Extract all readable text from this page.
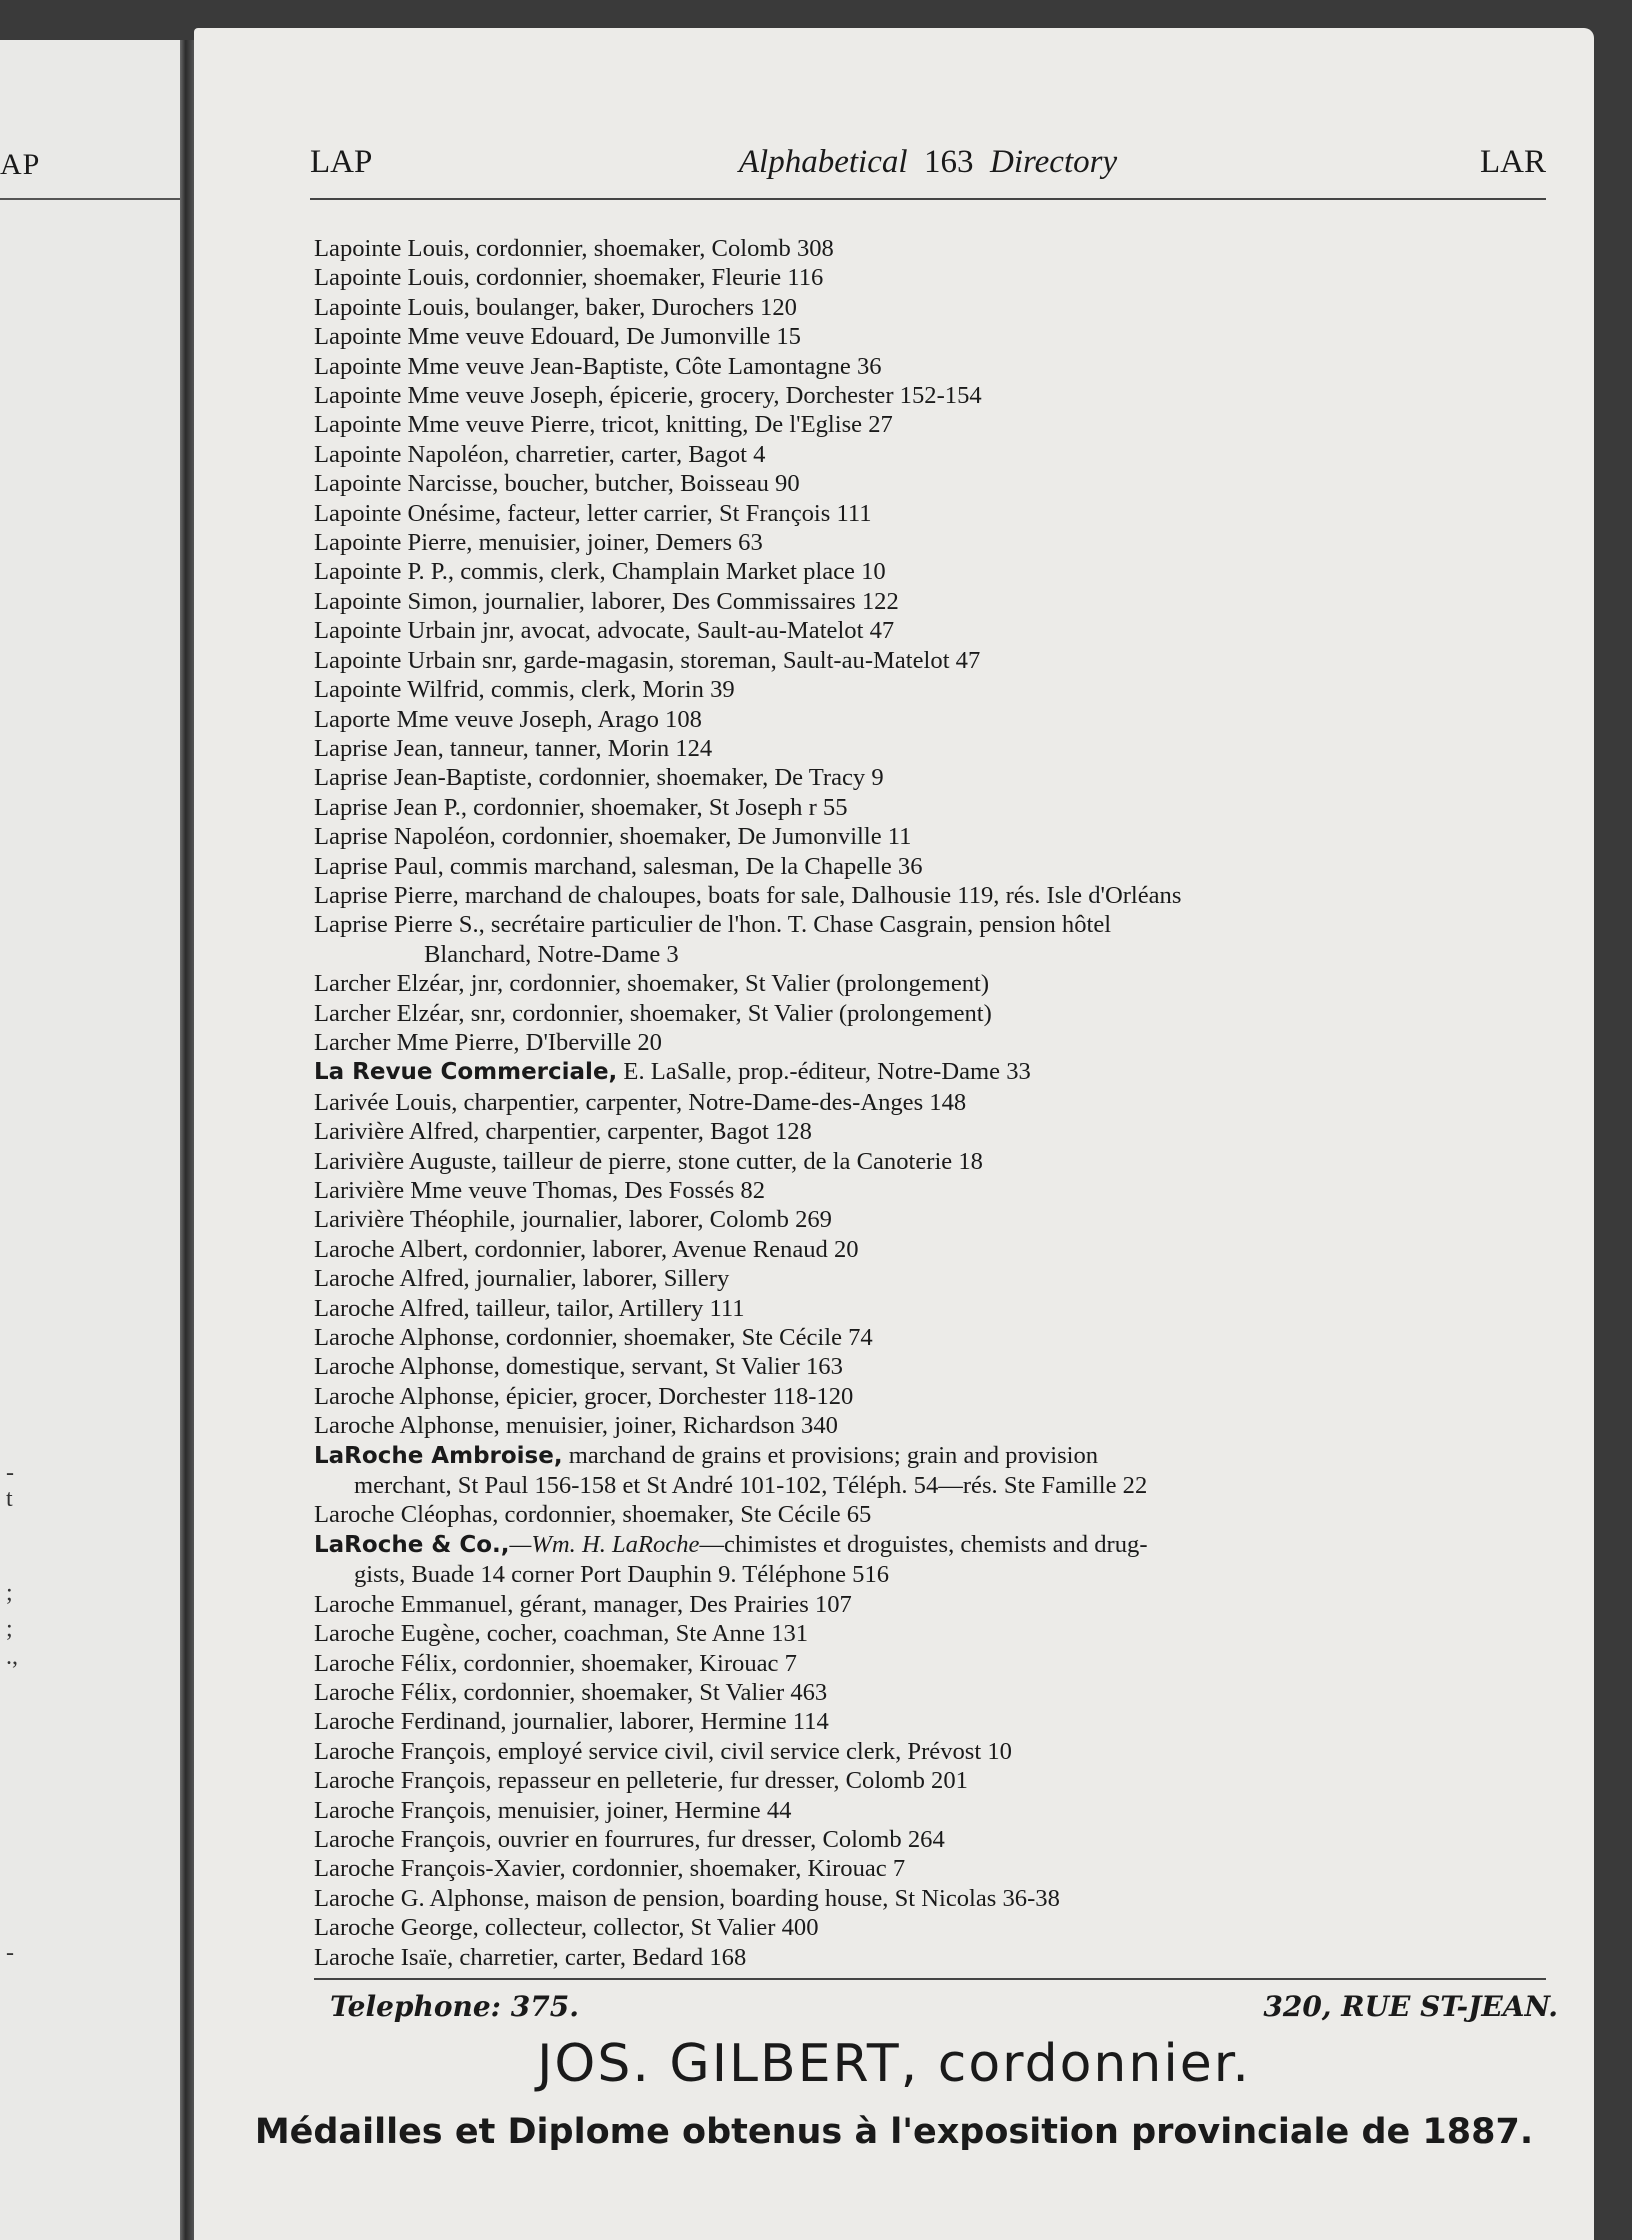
AP
-
t
;
;
.,
-
LAP	Alphabetical 163 Directory	LAR
Lapointe Louis, cordonnier, shoemaker, Colomb 308
Lapointe Louis, cordonnier, shoemaker, Fleurie 116
Lapointe Louis, boulanger, baker, Durochers 120
Lapointe Mme veuve Edouard, De Jumonville 15
Lapointe Mme veuve Jean-Baptiste, Côte Lamontagne 36
Lapointe Mme veuve Joseph, épicerie, grocery, Dorchester 152-154
Lapointe Mme veuve Pierre, tricot, knitting, De l'Eglise 27
Lapointe Napoléon, charretier, carter, Bagot 4
Lapointe Narcisse, boucher, butcher, Boisseau 90
Lapointe Onésime, facteur, letter carrier, St François 111
Lapointe Pierre, menuisier, joiner, Demers 63
Lapointe P. P., commis, clerk, Champlain Market place 10
Lapointe Simon, journalier, laborer, Des Commissaires 122
Lapointe Urbain jnr, avocat, advocate, Sault-au-Matelot 47
Lapointe Urbain snr, garde-magasin, storeman, Sault-au-Matelot 47
Lapointe Wilfrid, commis, clerk, Morin 39
Laporte Mme veuve Joseph, Arago 108
Laprise Jean, tanneur, tanner, Morin 124
Laprise Jean-Baptiste, cordonnier, shoemaker, De Tracy 9
Laprise Jean P., cordonnier, shoemaker, St Joseph r 55
Laprise Napoléon, cordonnier, shoemaker, De Jumonville 11
Laprise Paul, commis marchand, salesman, De la Chapelle 36
Laprise Pierre, marchand de chaloupes, boats for sale, Dalhousie 119, rés. Isle d'Orléans
Laprise Pierre S., secrétaire particulier de l'hon. T. Chase Casgrain, pension hôtel
Blanchard, Notre-Dame 3
Larcher Elzéar, jnr, cordonnier, shoemaker, St Valier (prolongement)
Larcher Elzéar, snr, cordonnier, shoemaker, St Valier (prolongement)
Larcher Mme Pierre, D'Iberville 20
La Revue Commerciale, E. LaSalle, prop.-éditeur, Notre-Dame 33
Larivée Louis, charpentier, carpenter, Notre-Dame-des-Anges 148
Larivière Alfred, charpentier, carpenter, Bagot 128
Larivière Auguste, tailleur de pierre, stone cutter, de la Canoterie 18
Larivière Mme veuve Thomas, Des Fossés 82
Larivière Théophile, journalier, laborer, Colomb 269
Laroche Albert, cordonnier, laborer, Avenue Renaud 20
Laroche Alfred, journalier, laborer, Sillery
Laroche Alfred, tailleur, tailor, Artillery 111
Laroche Alphonse, cordonnier, shoemaker, Ste Cécile 74
Laroche Alphonse, domestique, servant, St Valier 163
Laroche Alphonse, épicier, grocer, Dorchester 118-120
Laroche Alphonse, menuisier, joiner, Richardson 340
LaRoche Ambroise, marchand de grains et provisions; grain and provision
merchant, St Paul 156-158 et St André 101-102, Téléph. 54—rés. Ste Famille 22
Laroche Cléophas, cordonnier, shoemaker, Ste Cécile 65
LaRoche & Co.,—Wm. H. LaRoche—chimistes et droguistes, chemists and drug-
gists, Buade 14 corner Port Dauphin 9. Téléphone 516
Laroche Emmanuel, gérant, manager, Des Prairies 107
Laroche Eugène, cocher, coachman, Ste Anne 131
Laroche Félix, cordonnier, shoemaker, Kirouac 7
Laroche Félix, cordonnier, shoemaker, St Valier 463
Laroche Ferdinand, journalier, laborer, Hermine 114
Laroche François, employé service civil, civil service clerk, Prévost 10
Laroche François, repasseur en pelleterie, fur dresser, Colomb 201
Laroche François, menuisier, joiner, Hermine 44
Laroche François, ouvrier en fourrures, fur dresser, Colomb 264
Laroche François-Xavier, cordonnier, shoemaker, Kirouac 7
Laroche G. Alphonse, maison de pension, boarding house, St Nicolas 36-38
Laroche George, collecteur, collector, St Valier 400
Laroche Isaïe, charretier, carter, Bedard 168
Telephone: 375.	320, RUE ST-JEAN.
JOS. GILBERT, cordonnier.
Médailles et Diplome obtenus à l'exposition provinciale de 1887.
